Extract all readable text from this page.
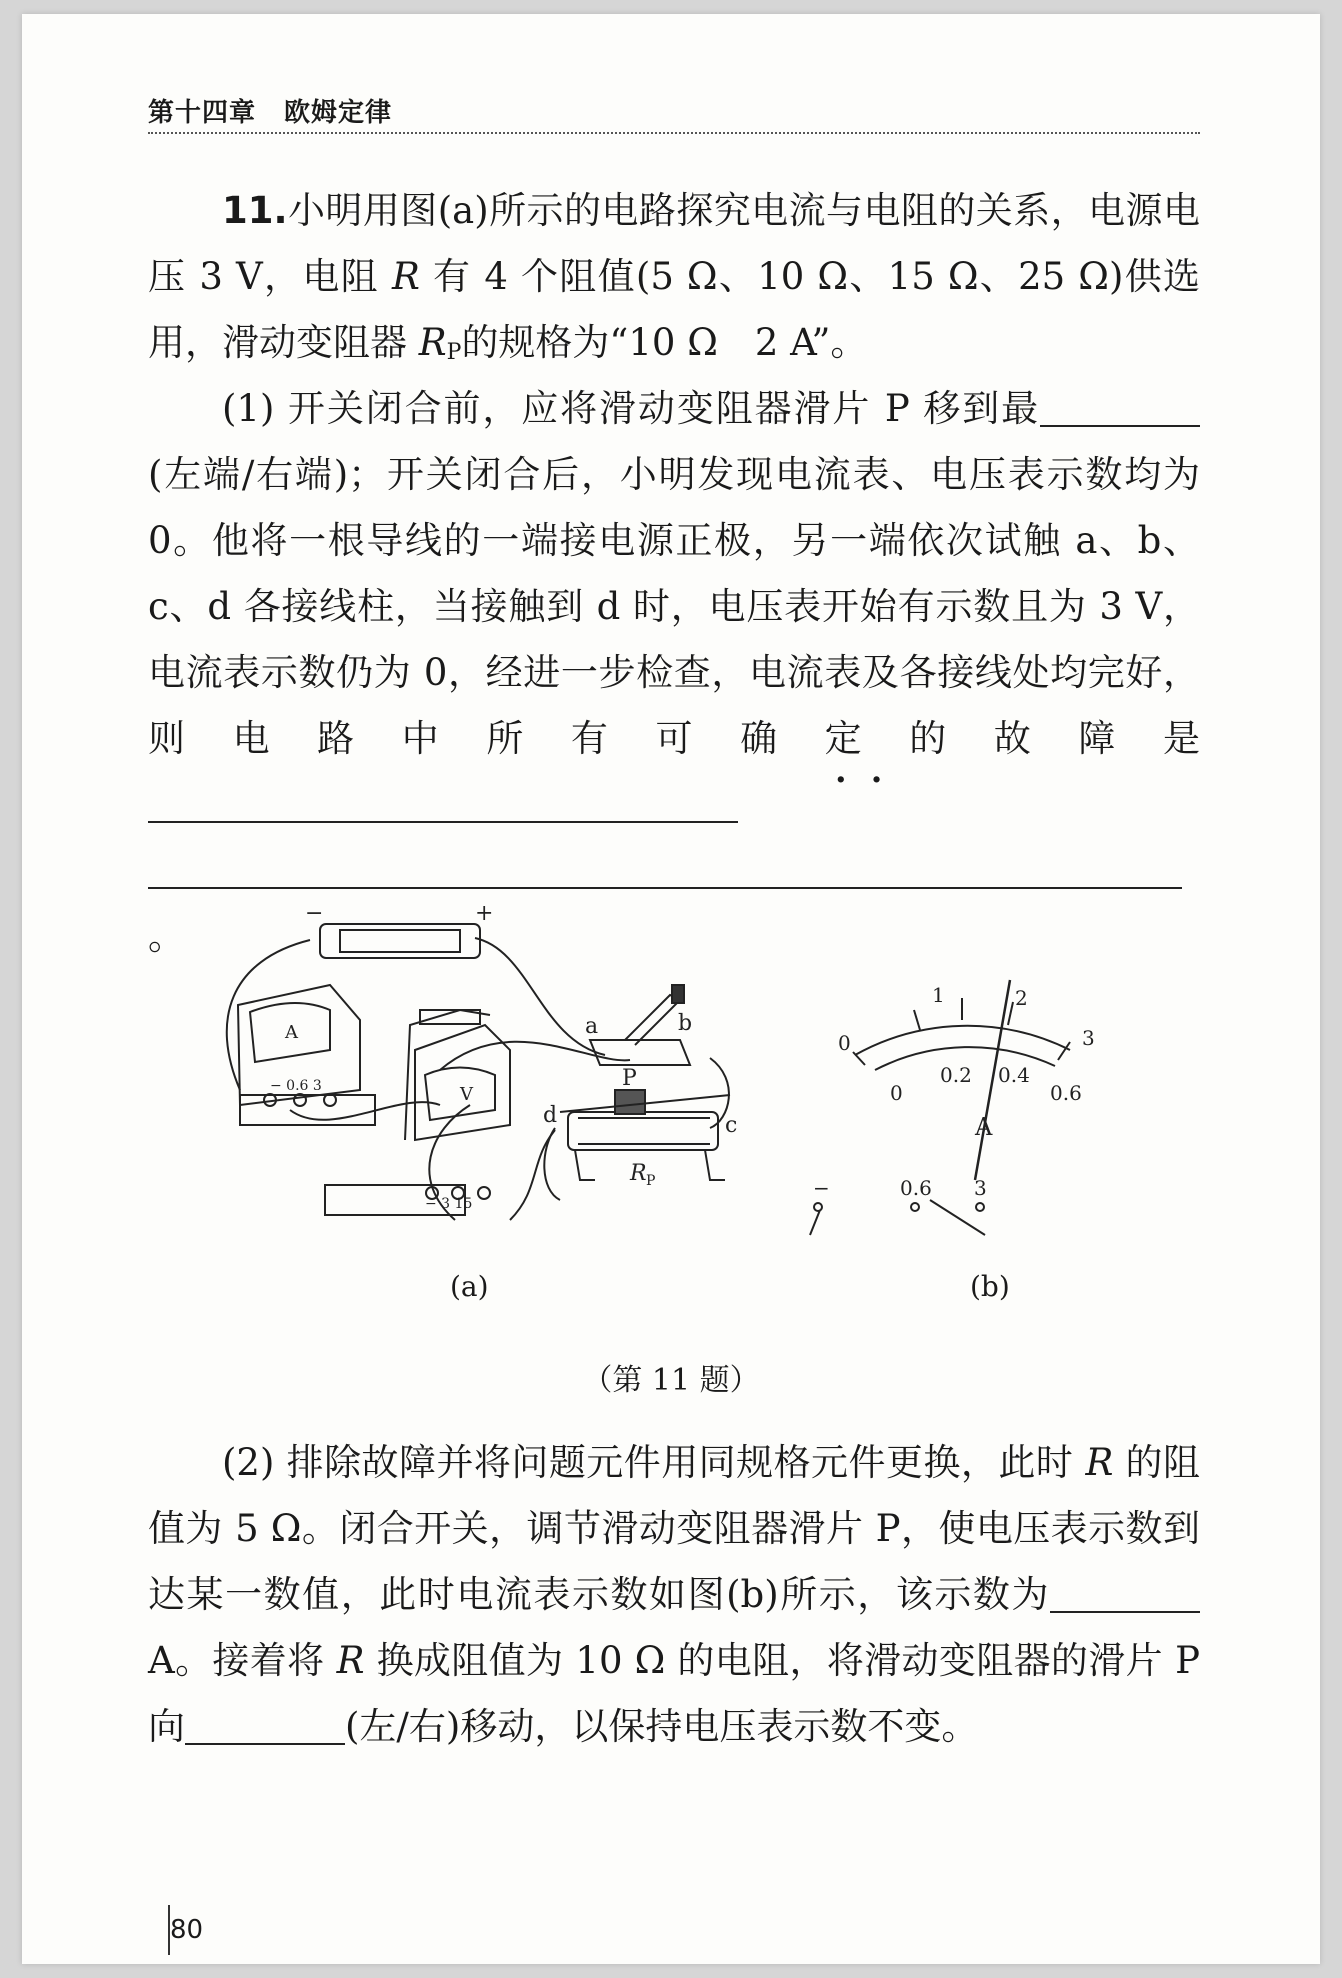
第十四章 欧姆定律
11.小明用图(a)所示的电路探究电流与电阻的关系，电源电压 3 V，电阻 R 有 4 个阻值(5 Ω、10 Ω、15 Ω、25 Ω)供选用，滑动变阻器 RP的规格为“10 Ω　2 A”。
(1) 开关闭合前，应将滑动变阻器滑片 P 移到最(左端/右端)；开关闭合后，小明发现电流表、电压表示数均为 0。他将一根导线的一端接电源正极，另一端依次试触 a、b、c、d 各接线柱，当接触到 d 时，电压表开始有示数且为 3 V，电流表示数仍为 0，经进一步检查，电流表及各接线处均完好，则电路中所有可确定 · ·的故障是
。
−	+
A
− 0.6 3	V
− 3 15
a	b
d	c
P
R P
0
1	2
3
0
0.2 0.4
0.6
A
−	0.6 3
(a)	(b)
（第 11 题）
(2) 排除故障并将问题元件用同规格元件更换，此时 R 的阻值为 5 Ω。闭合开关，调节滑动变阻器滑片 P，使电压表示数到达某一数值，此时电流表示数如图(b)所示，该示数为 A。接着将 R 换成阻值为 10 Ω 的电阻，将滑动变阻器的滑片 P 向	(左/右)移动，以保持电压表示数不变。
80
